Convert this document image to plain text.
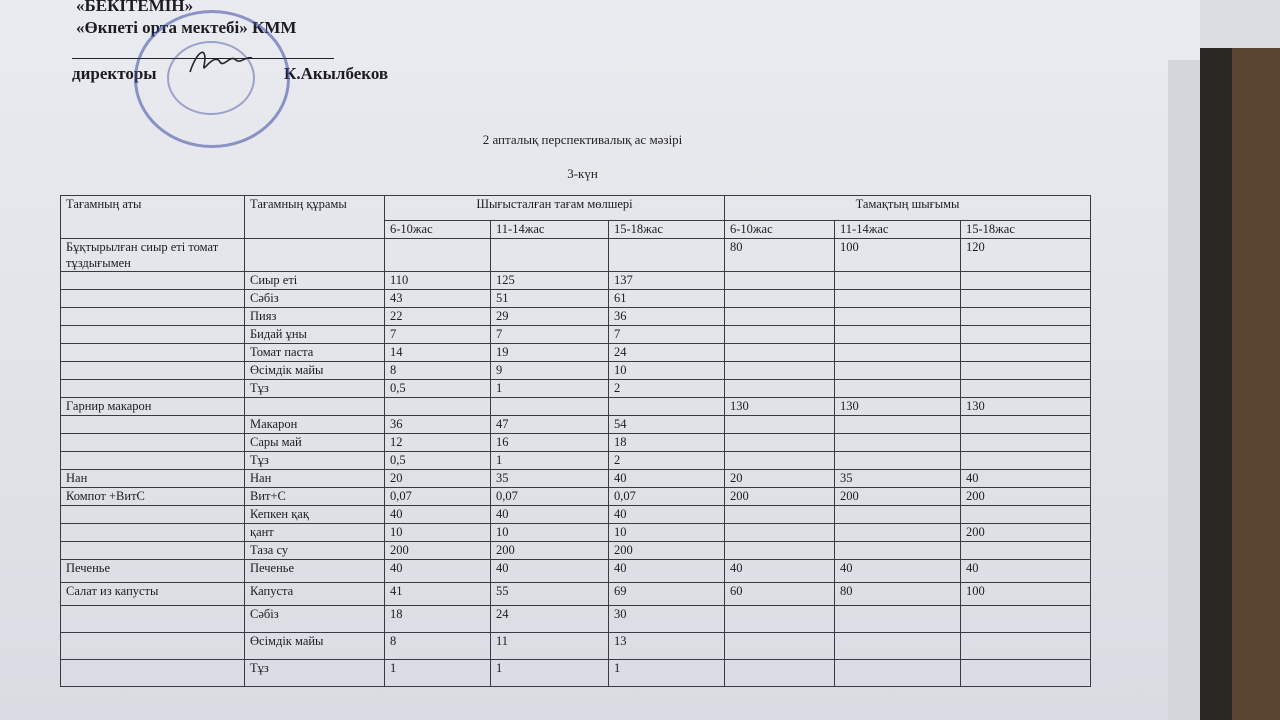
«БЕКІТЕМІН»
«Өкпеті орта мектебі» КММ
директоры	К.Акылбеков
2 апталық перспективалық ас мәзірі
3-күн
Тағамның аты	Тағамның құрамы	Шығысталған тағам мөлшері			Тамақтың шығымы		
		6-10жас	11-14жас	15-18жас	6-10жас	11-14жас	15-18жас
Бұқтырылған сиыр еті томат тұздығымен					80	100	120
	Сиыр еті	110	125	137			
	Сәбіз	43	51	61			
	Пияз	22	29	36			
	Бидай ұны	7	7	7			
	Томат паста	14	19	24			
	Өсімдік майы	8	9	10			
	Тұз	0,5	1	2			
Гарнир макарон					130	130	130
	Макарон	36	47	54			
	Сары май	12	16	18			
	Тұз	0,5	1	2			
Нан	Нан	20	35	40	20	35	40
Компот +ВитС	Вит+С	0,07	0,07	0,07	200	200	200
	Кепкен қақ	40	40	40			
	қант	10	10	10			200
	Таза су	200	200	200			
Печенье	Печенье	40	40	40	40	40	40
Салат из капусты	Капуста	41	55	69	60	80	100
	Сәбіз	18	24	30			
	Өсімдік майы	8	11	13			
	Тұз	1	1	1			
